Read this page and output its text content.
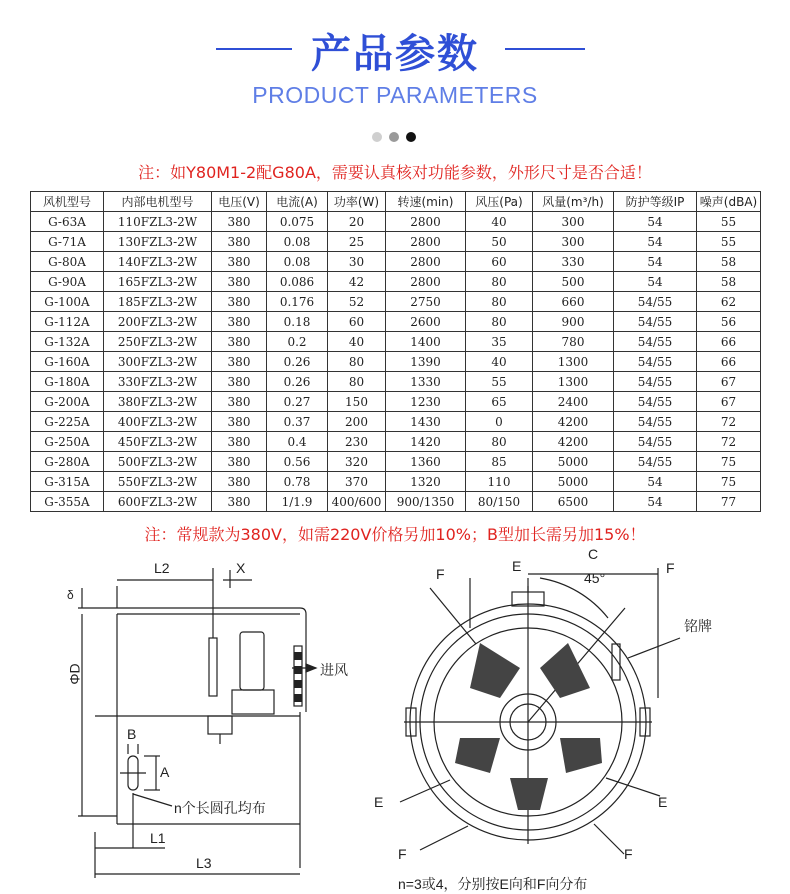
产品参数
PRODUCT PARAMETERS
注：如Y80M1-2配G80A，需要认真核对功能参数，外形尺寸是否合适！
风机型号	内部电机型号	电压(V)	电流(A)	功率(W)	转速(min)	风压(Pa)	风量(m³/h)	防护等级IP	噪声(dBA)
G-63A	110FZL3-2W	380	0.075	20	2800	40	300	54	55
G-71A	130FZL3-2W	380	0.08	25	2800	50	300	54	55
G-80A	140FZL3-2W	380	0.08	30	2800	60	330	54	58
G-90A	165FZL3-2W	380	0.086	42	2800	80	500	54	58
G-100A	185FZL3-2W	380	0.176	52	2750	80	660	54/55	62
G-112A	200FZL3-2W	380	0.18	60	2600	80	900	54/55	56
G-132A	250FZL3-2W	380	0.2	40	1400	35	780	54/55	66
G-160A	300FZL3-2W	380	0.26	80	1390	40	1300	54/55	66
G-180A	330FZL3-2W	380	0.26	80	1330	55	1300	54/55	67
G-200A	380FZL3-2W	380	0.27	150	1230	65	2400	54/55	67
G-225A	400FZL3-2W	380	0.37	200	1430	0	4200	54/55	72
G-250A	450FZL3-2W	380	0.4	230	1420	80	4200	54/55	72
G-280A	500FZL3-2W	380	0.56	320	1360	85	5000	54/55	75
G-315A	550FZL3-2W	380	0.78	370	1320	110	5000	54	75
G-355A	600FZL3-2W	380	1/1.9	400/600	900/1350	80/150	6500	54	77
注：常规款为380V，如需220V价格另加10%；B型加长需另加15%！
L2	X
δ
ΦD	进风
B
A
n个长圆孔均布
L1
L3
E
C
F	F
45°
铭牌
E	E
F	F
n=3或4，分别按E向和F向分布
